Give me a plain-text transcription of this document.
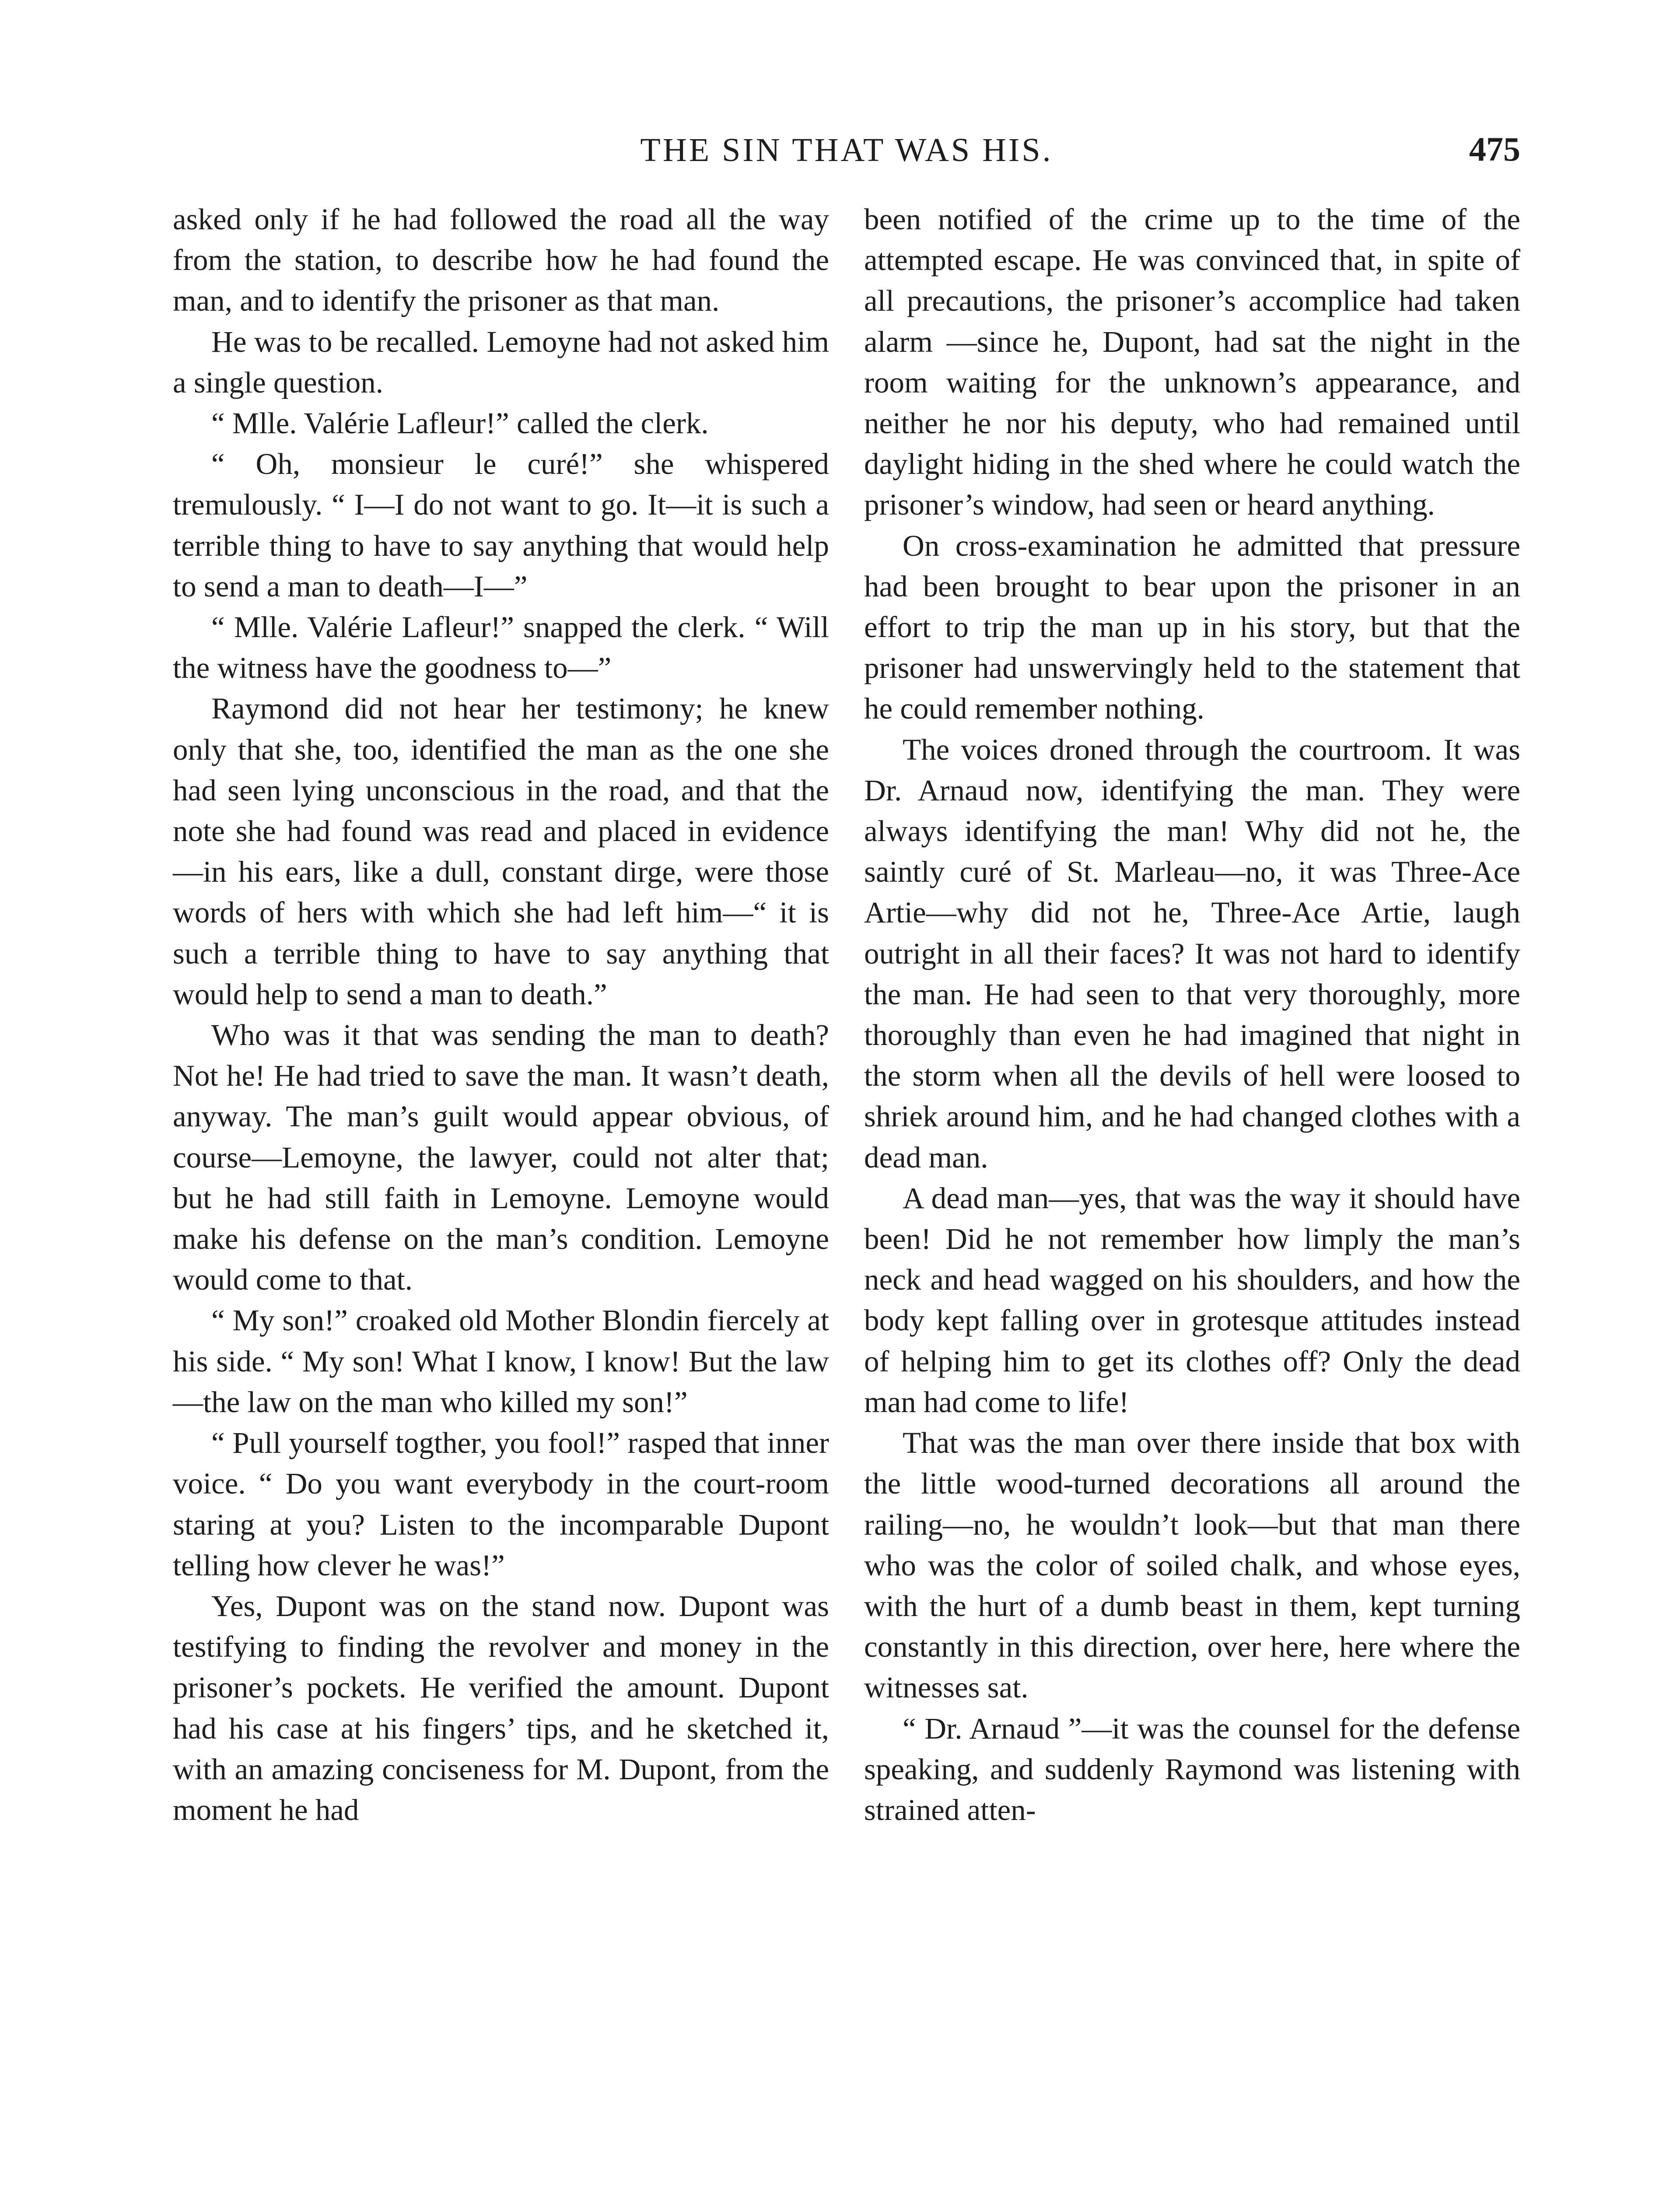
THE SIN THAT WAS HIS.	475

asked only if he had followed the road all the way from the station, to describe how he had found the man, and to identify the prisoner as that man.

He was to be recalled. Lemoyne had not asked him a single question.

“ Mlle. Valérie Lafleur!” called the clerk.

“ Oh, monsieur le curé!” she whispered tremulously. “ I—I do not want to go. It—it is such a terrible thing to have to say anything that would help to send a man to death—I—”

“ Mlle. Valérie Lafleur!” snapped the clerk. “ Will the witness have the goodness to—”

Raymond did not hear her testimony; he knew only that she, too, identified the man as the one she had seen lying unconscious in the road, and that the note she had found was read and placed in evidence—in his ears, like a dull, constant dirge, were those words of hers with which she had left him—“ it is such a terrible thing to have to say anything that would help to send a man to death.”

Who was it that was sending the man to death? Not he! He had tried to save the man. It wasn’t death, anyway. The man’s guilt would appear obvious, of course—Lemoyne, the lawyer, could not alter that; but he had still faith in Lemoyne. Lemoyne would make his defense on the man’s condition. Lemoyne would come to that.

“ My son!” croaked old Mother Blondin fiercely at his side. “ My son! What I know, I know! But the law—the law on the man who killed my son!”

“ Pull yourself togther, you fool!” rasped that inner voice. “ Do you want everybody in the court-room staring at you? Listen to the incomparable Dupont telling how clever he was!”

Yes, Dupont was on the stand now. Dupont was testifying to finding the revolver and money in the prisoner’s pockets. He verified the amount. Dupont had his case at his fingers’ tips, and he sketched it, with an amazing conciseness for M. Dupont, from the moment he had

been notified of the crime up to the time of the attempted escape. He was convinced that, in spite of all precautions, the prisoner’s accomplice had taken alarm —since he, Dupont, had sat the night in the room waiting for the unknown’s appearance, and neither he nor his deputy, who had remained until daylight hiding in the shed where he could watch the prisoner’s window, had seen or heard anything.

On cross-examination he admitted that pressure had been brought to bear upon the prisoner in an effort to trip the man up in his story, but that the prisoner had unswervingly held to the statement that he could remember nothing.

The voices droned through the courtroom. It was Dr. Arnaud now, identifying the man. They were always identifying the man! Why did not he, the saintly curé of St. Marleau—no, it was Three-Ace Artie—why did not he, Three-Ace Artie, laugh outright in all their faces? It was not hard to identify the man. He had seen to that very thoroughly, more thoroughly than even he had imagined that night in the storm when all the devils of hell were loosed to shriek around him, and he had changed clothes with a dead man.

A dead man—yes, that was the way it should have been! Did he not remember how limply the man’s neck and head wagged on his shoulders, and how the body kept falling over in grotesque attitudes instead of helping him to get its clothes off? Only the dead man had come to life!

That was the man over there inside that box with the little wood-turned decorations all around the railing—no, he wouldn’t look—but that man there who was the color of soiled chalk, and whose eyes, with the hurt of a dumb beast in them, kept turning constantly in this direction, over here, here where the witnesses sat.

“ Dr. Arnaud ”—it was the counsel for the defense speaking, and suddenly Raymond was listening with strained atten-
